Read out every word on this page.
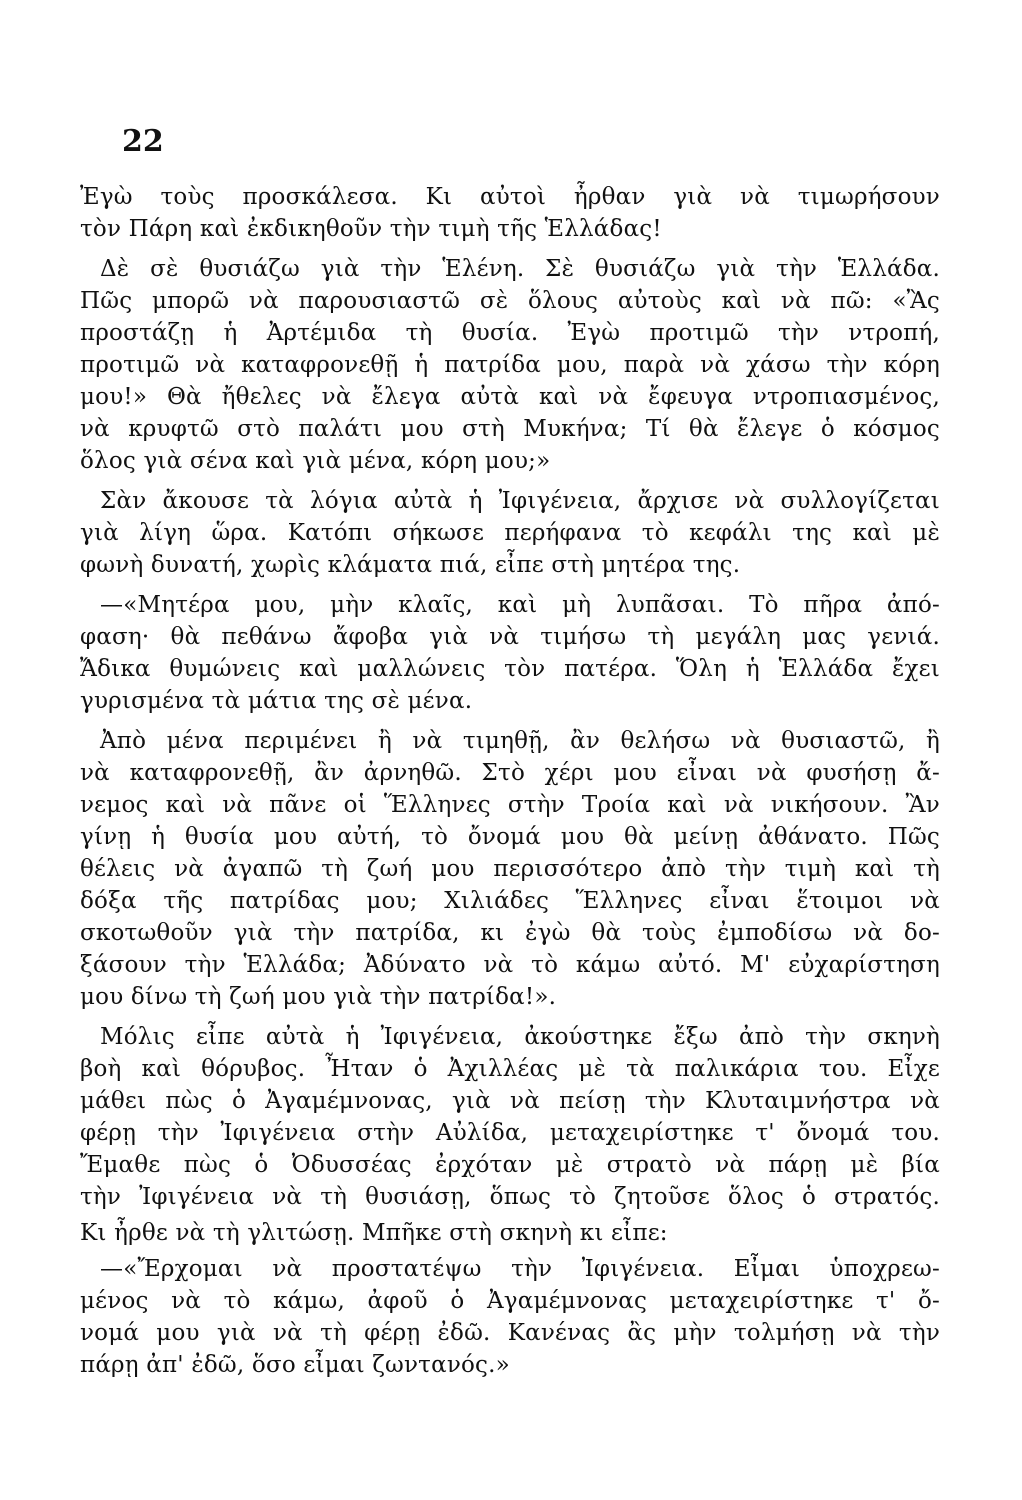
22
Ἐγὼ τοὺς προσκάλεσα. Κι αὐτοὶ ἦρθαν γιὰ νὰ τιμωρήσουν
τὸν Πάρη καὶ ἐκδικηθοῦν τὴν τιμὴ τῆς Ἑλλάδας!
Δὲ σὲ θυσιάζω γιὰ τὴν Ἑλένη. Σὲ θυσιάζω γιὰ τὴν Ἑλλάδα.
Πῶς μπορῶ νὰ παρουσιαστῶ σὲ ὅλους αὐτοὺς καὶ νὰ πῶ: «Ἂς
προστάζῃ ἡ Ἀρτέμιδα τὴ θυσία. Ἐγὼ προτιμῶ τὴν ντροπή,
προτιμῶ νὰ καταφρονεθῇ ἡ πατρίδα μου, παρὰ νὰ χάσω τὴν κόρη
μου!» Θὰ ἤθελες νὰ ἔλεγα αὐτὰ καὶ νὰ ἔφευγα ντροπιασμένος,
νὰ κρυφτῶ στὸ παλάτι μου στὴ Μυκήνα; Τί θὰ ἔλεγε ὁ κόσμος
ὅλος γιὰ σένα καὶ γιὰ μένα, κόρη μου;»
Σὰν ἄκουσε τὰ λόγια αὐτὰ ἡ Ἰφιγένεια, ἄρχισε νὰ συλλογίζεται
γιὰ λίγη ὥρα. Κατόπι σήκωσε περήφανα τὸ κεφάλι της καὶ μὲ
φωνὴ δυνατή, χωρὶς κλάματα πιά, εἶπε στὴ μητέρα της.
—«Μητέρα μου, μὴν κλαῖς, καὶ μὴ λυπᾶσαι. Τὸ πῆρα ἀπό-
φαση· θὰ πεθάνω ἄφοβα γιὰ νὰ τιμήσω τὴ μεγάλη μας γενιά.
Ἄδικα θυμώνεις καὶ μαλλώνεις τὸν πατέρα. Ὅλη ἡ Ἑλλάδα ἔχει
γυρισμένα τὰ μάτια της σὲ μένα.
Ἀπὸ μένα περιμένει ἢ νὰ τιμηθῇ, ἂν θελήσω νὰ θυσιαστῶ, ἢ
νὰ καταφρονεθῇ, ἂν ἀρνηθῶ. Στὸ χέρι μου εἶναι νὰ φυσήσῃ ἄ-
νεμος καὶ νὰ πᾶνε οἱ Ἕλληνες στὴν Τροία καὶ νὰ νικήσουν. Ἂν
γίνῃ ἡ θυσία μου αὐτή, τὸ ὄνομά μου θὰ μείνῃ ἀθάνατο. Πῶς
θέλεις νὰ ἀγαπῶ τὴ ζωή μου περισσότερο ἀπὸ τὴν τιμὴ καὶ τὴ
δόξα τῆς πατρίδας μου; Χιλιάδες Ἕλληνες εἶναι ἕτοιμοι νὰ
σκοτωθοῦν γιὰ τὴν πατρίδα, κι ἐγὼ θὰ τοὺς ἐμποδίσω νὰ δο-
ξάσουν τὴν Ἑλλάδα; Ἀδύνατο νὰ τὸ κάμω αὐτό. Μ' εὐχαρίστηση
μου δίνω τὴ ζωή μου γιὰ τὴν πατρίδα!».
Μόλις εἶπε αὐτὰ ἡ Ἰφιγένεια, ἀκούστηκε ἔξω ἀπὸ τὴν σκηνὴ
βοὴ καὶ θόρυβος. Ἦταν ὁ Ἀχιλλέας μὲ τὰ παλικάρια του. Εἶχε
μάθει πὼς ὁ Ἀγαμέμνονας, γιὰ νὰ πείσῃ τὴν Κλυταιμνήστρα νὰ
φέρῃ τὴν Ἰφιγένεια στὴν Αὐλίδα, μεταχειρίστηκε τ' ὄνομά του.
Ἔμαθε πὼς ὁ Ὀδυσσέας ἐρχόταν μὲ στρατὸ νὰ πάρῃ μὲ βία
τὴν Ἰφιγένεια νὰ τὴ θυσιάσῃ, ὅπως τὸ ζητοῦσε ὅλος ὁ στρατός.
Κι ἦρθε νὰ τὴ γλιτώσῃ. Μπῆκε στὴ σκηνὴ κι εἶπε:
—«Ἔρχομαι νὰ προστατέψω τὴν Ἰφιγένεια. Εἶμαι ὑποχρεω-
μένος νὰ τὸ κάμω, ἀφοῦ ὁ Ἀγαμέμνονας μεταχειρίστηκε τ' ὄ-
νομά μου γιὰ νὰ τὴ φέρῃ ἐδῶ. Κανένας ἂς μὴν τολμήσῃ νὰ τὴν
πάρῃ ἀπ' ἐδῶ, ὅσο εἶμαι ζωντανός.»
